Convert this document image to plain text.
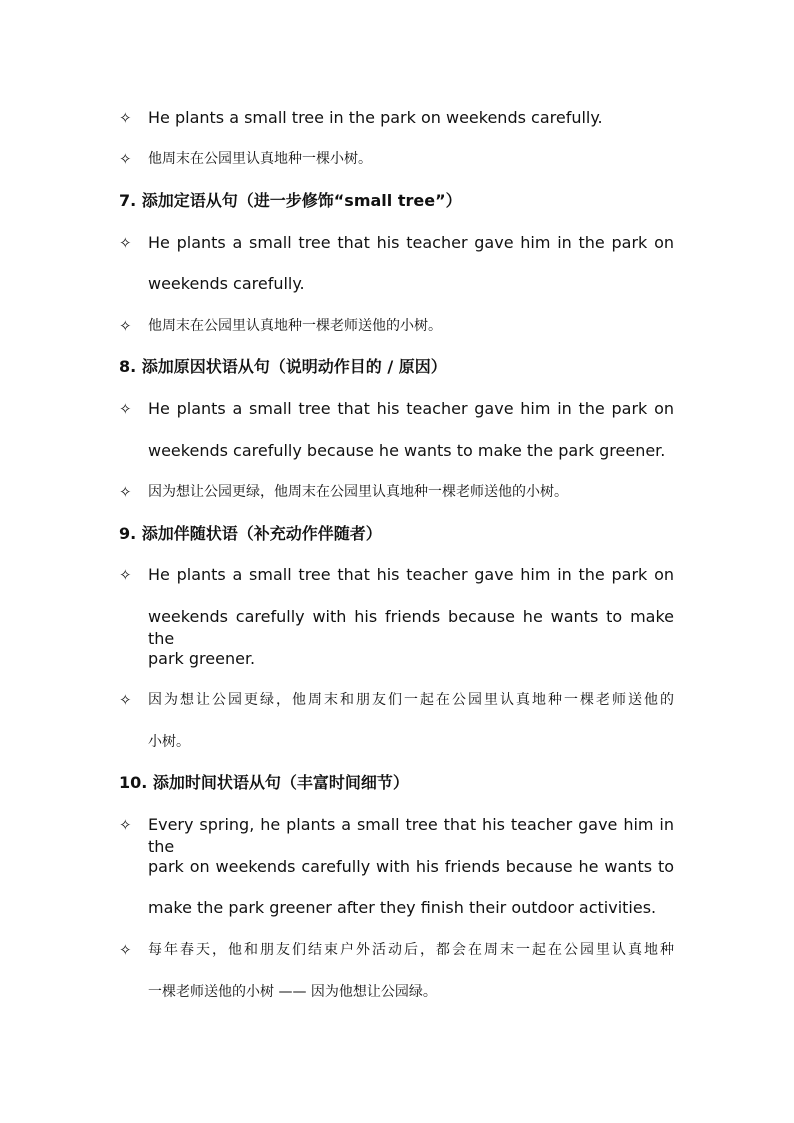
✧ He plants a small tree in the park on weekends carefully.
✧ 他周末在公园里认真地种一棵小树。
7. 添加定语从句（进一步修饰“small tree”）
✧ He plants a small tree that his teacher gave him in the park on
weekends carefully.
✧ 他周末在公园里认真地种一棵老师送他的小树。
8. 添加原因状语从句（说明动作目的 / 原因）
✧ He plants a small tree that his teacher gave him in the park on
weekends carefully because he wants to make the park greener.
✧ 因为想让公园更绿，他周末在公园里认真地种一棵老师送他的小树。
9. 添加伴随状语（补充动作伴随者）
✧ He plants a small tree that his teacher gave him in the park on
weekends carefully with his friends because he wants to make the
park greener.
✧ 因为想让公园更绿，他周末和朋友们一起在公园里认真地种一棵老师送他的
小树。
10. 添加时间状语从句（丰富时间细节）
✧ Every spring, he plants a small tree that his teacher gave him in the
park on weekends carefully with his friends because he wants to
make the park greener after they finish their outdoor activities.
✧ 每年春天，他和朋友们结束户外活动后，都会在周末一起在公园里认真地种
一棵老师送他的小树 —— 因为他想让公园绿。
